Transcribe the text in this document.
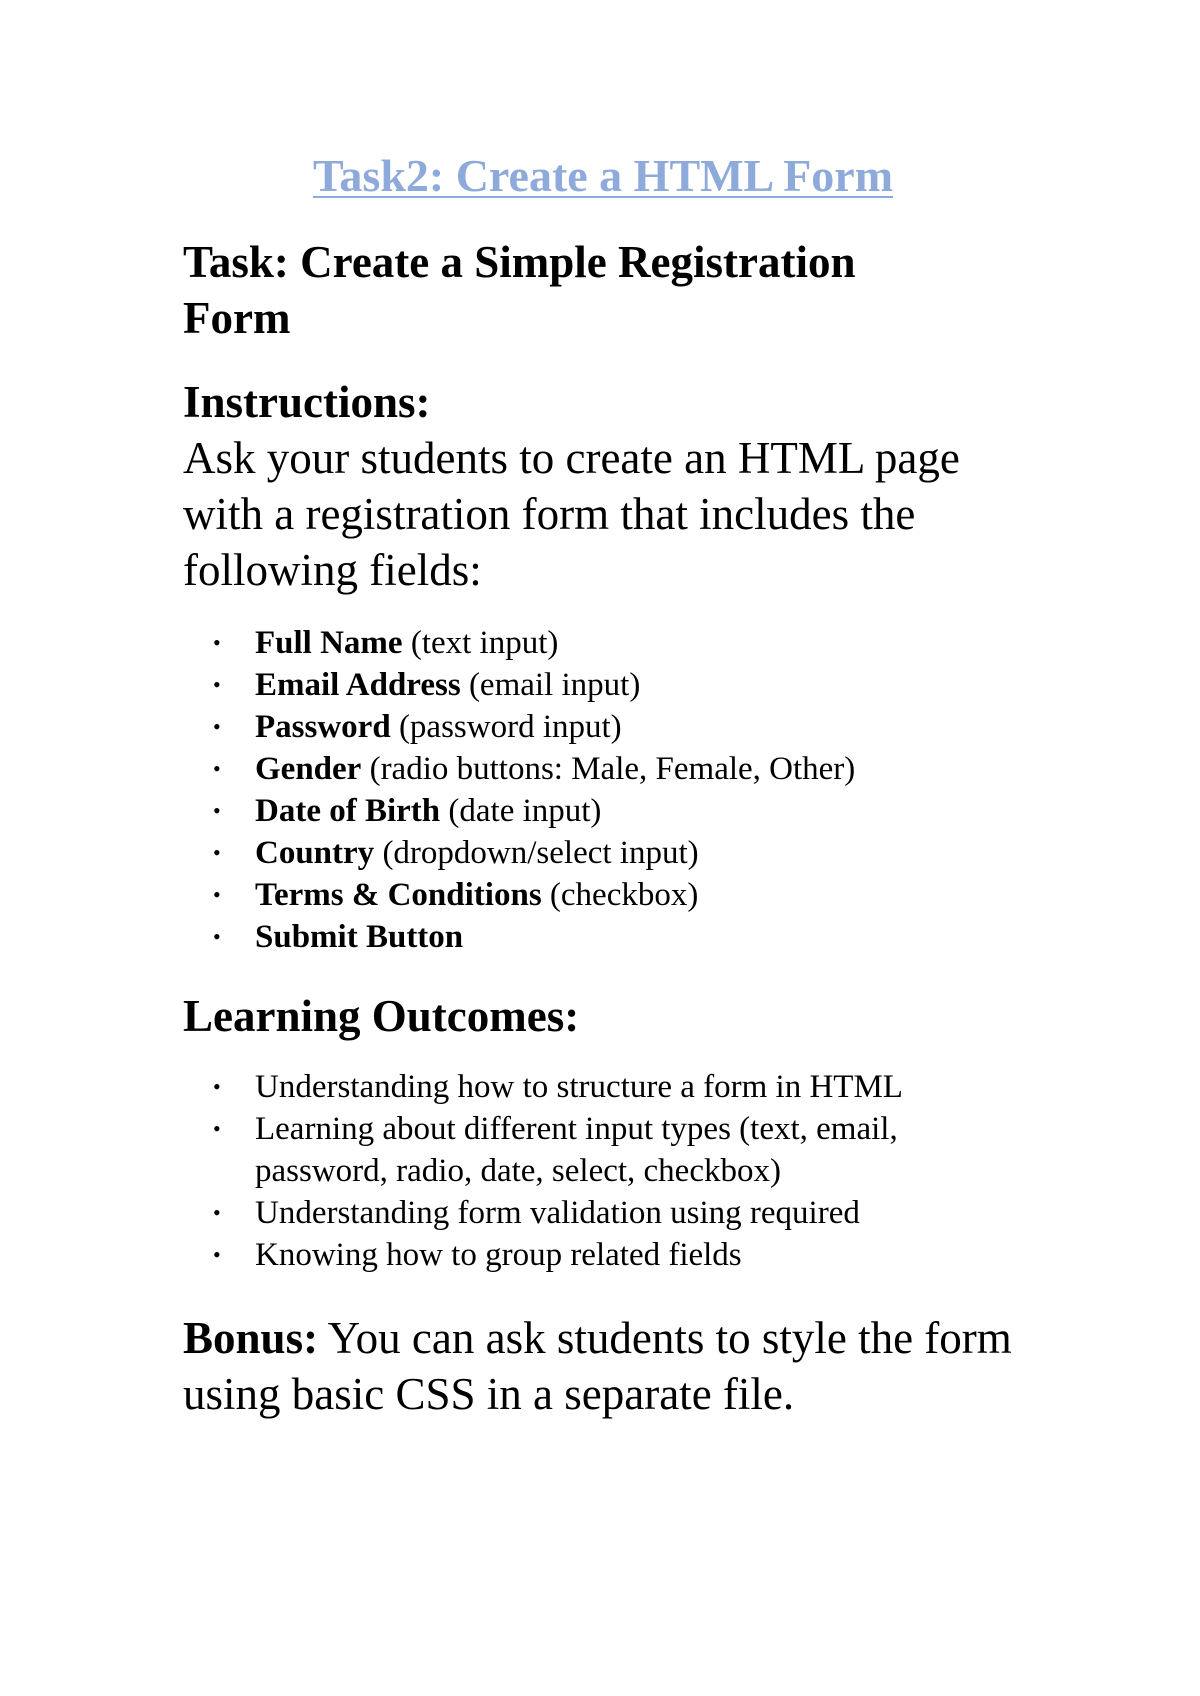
Task2: Create a HTML Form
Task: Create a Simple Registration Form
Instructions:

Ask your students to create an HTML page with a registration form that includes the following fields:

• Full Name (text input)
• Email Address (email input)
• Password (password input)
• Gender (radio buttons: Male, Female, Other)
• Date of Birth (date input)
• Country (dropdown/select input)
• Terms & Conditions (checkbox)
• Submit Button
Learning Outcomes:
• Understanding how to structure a form in HTML
• Learning about different input types (text, email, password, radio, date, select, checkbox)
• Understanding form validation using required
• Knowing how to group related fields

Bonus: You can ask students to style the form using basic CSS in a separate file.
